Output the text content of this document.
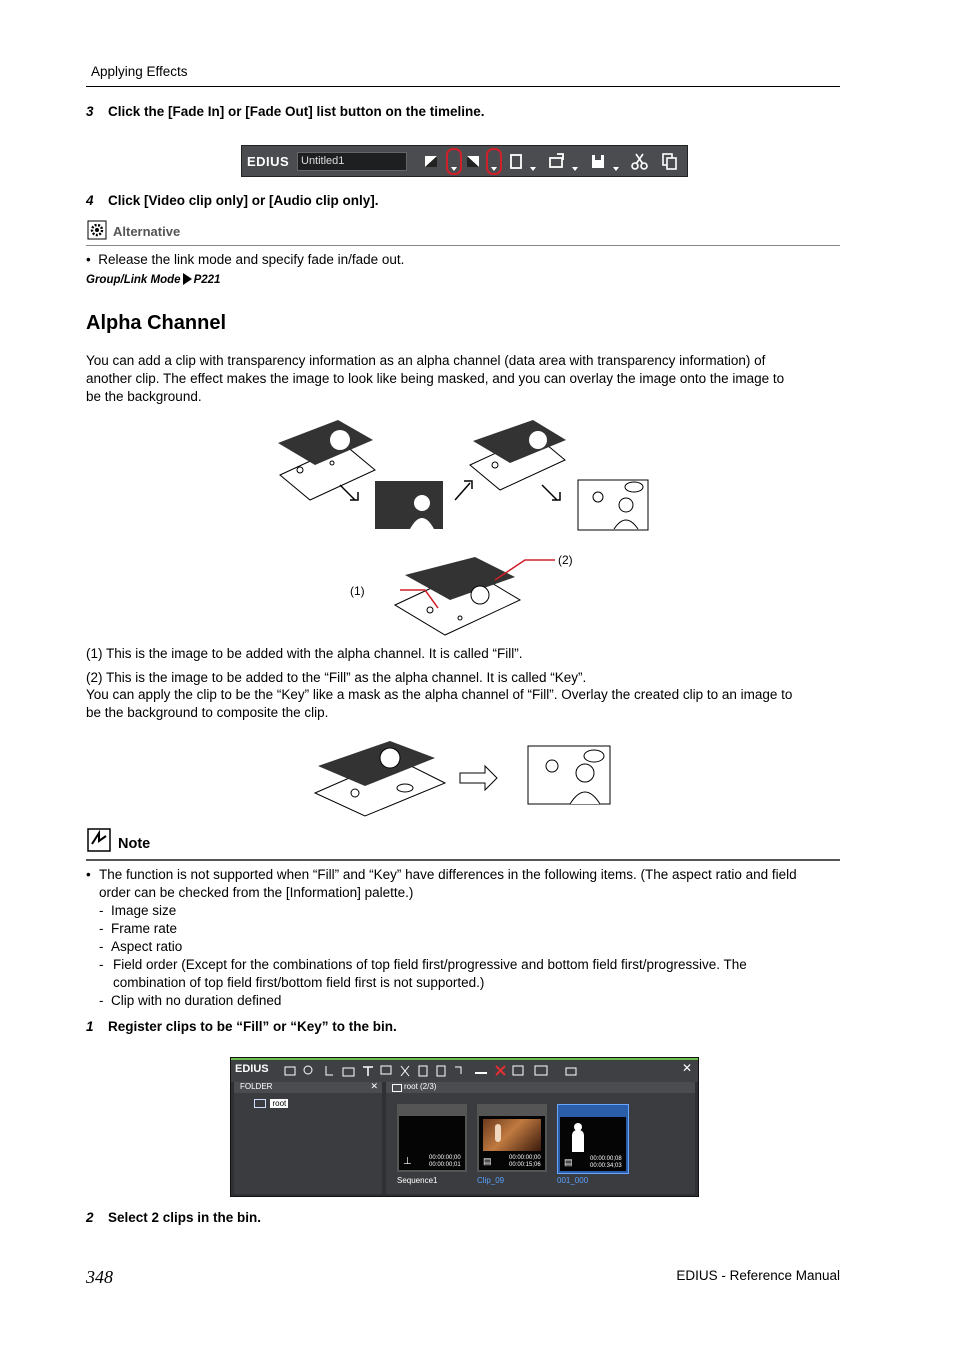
Applying Effects
3 Click the [Fade In] or [Fade Out] list button on the timeline.
EDIUS Untitled1
4 Click [Video clip only] or [Audio clip only].
Alternative
•  Release the link mode and specify fade in/fade out.
Group/Link Mode P221
Alpha Channel
You can add a clip with transparency information as an alpha channel (data area with transparency information) of
another clip. The effect makes the image to look like being masked, and you can overlay the image onto the image to
be the background.
(1)
(2)
(1) This is the image to be added with the alpha channel. It is called “Fill”.
(2) This is the image to be added to the “Fill” as the alpha channel. It is called “Key”.
You can apply the clip to be the “Key” like a mask as the alpha channel of “Fill”. Overlay the created clip to an image to
be the background to composite the clip.
Note
• The function is not supported when “Fill” and “Key” have differences in the following items. (The aspect ratio and field
order can be checked from the [Information] palette.)
-  Image size
-  Frame rate
-  Aspect ratio
- Field order (Except for the combinations of top field first/progressive and bottom field first/progressive. The
combination of top field first/bottom field first is not supported.)
-  Clip with no duration defined
1 Register clips to be “Fill” or “Key” to the bin.
EDIUS	✕
FOLDER	✕
root
root (2/3)
⊥	00:00:00;00
00:00:00;01
Sequence1
▤	00:00:00;00
00:00:15;06
Clip_09
▤	00:00:00;08
00:00:34;03
001_000
2 Select 2 clips in the bin.
348	EDIUS - Reference Manual
